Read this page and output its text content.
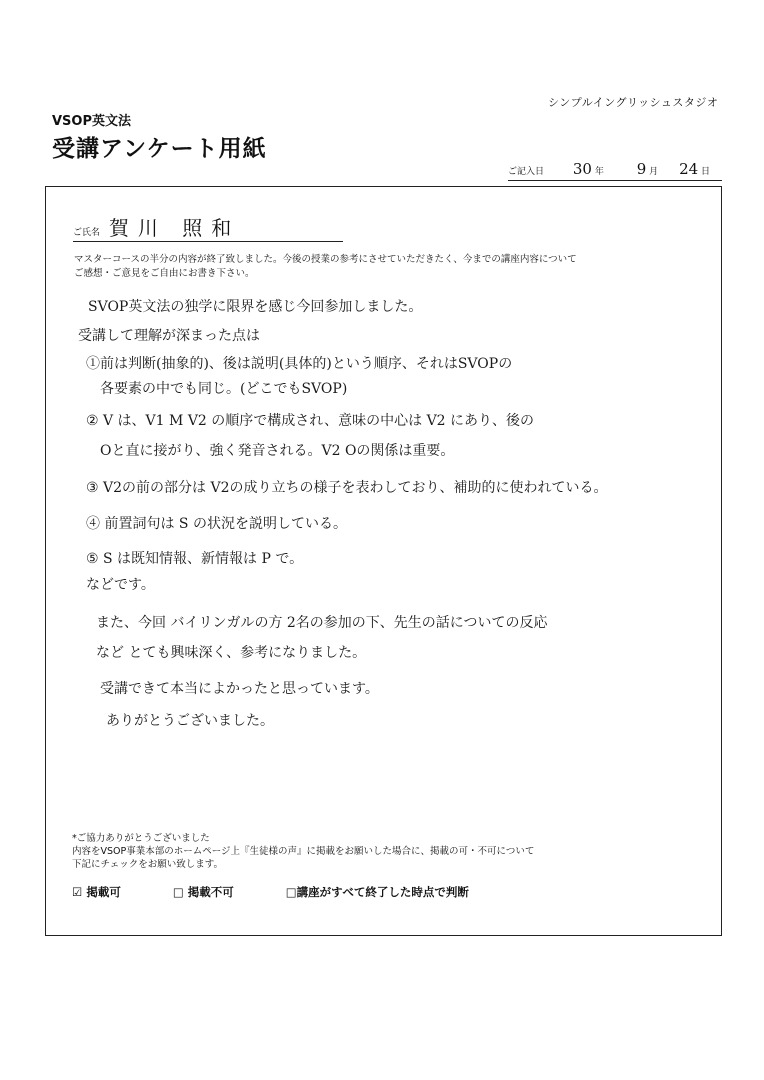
シンプルイングリッシュスタジオ
VSOP英文法
受講アンケート用紙
ご記入日 30 年 9 月 24 日
ご氏名 賀川 照和
マスターコースの半分の内容が終了致しました。今後の授業の参考にさせていただきたく、今までの講座内容について
ご感想・ご意見をご自由にお書き下さい。
SVOP英文法の独学に限界を感じ今回参加しました。
受講して理解が深まった点は
①前は判断(抽象的)、後は説明(具体的)という順序、それはSVOPの
　各要素の中でも同じ。(どこでもSVOP)
② V は、V1 M V2 の順序で構成され、意味の中心は V2 にあり、後の
　Oと直に接がり、強く発音される。V2 Oの関係は重要。
③ V2の前の部分は V2の成り立ちの様子を表わしており、補助的に使われている。
④ 前置詞句は S の状況を説明している。
⑤ S は既知情報、新情報は P で。
などです。
また、今回 バイリンガルの方 2名の参加の下、先生の話についての反応
など とても興味深く、参考になりました。
受講できて本当によかったと思っています。
ありがとうございました。
*ご協力ありがとうございました
内容をVSOP事業本部のホームページ上『生徒様の声』に掲載をお願いした場合に、掲載の可・不可について
下記にチェックをお願い致します。
☑ 掲載可	□ 掲載不可	□講座がすべて終了した時点で判断
